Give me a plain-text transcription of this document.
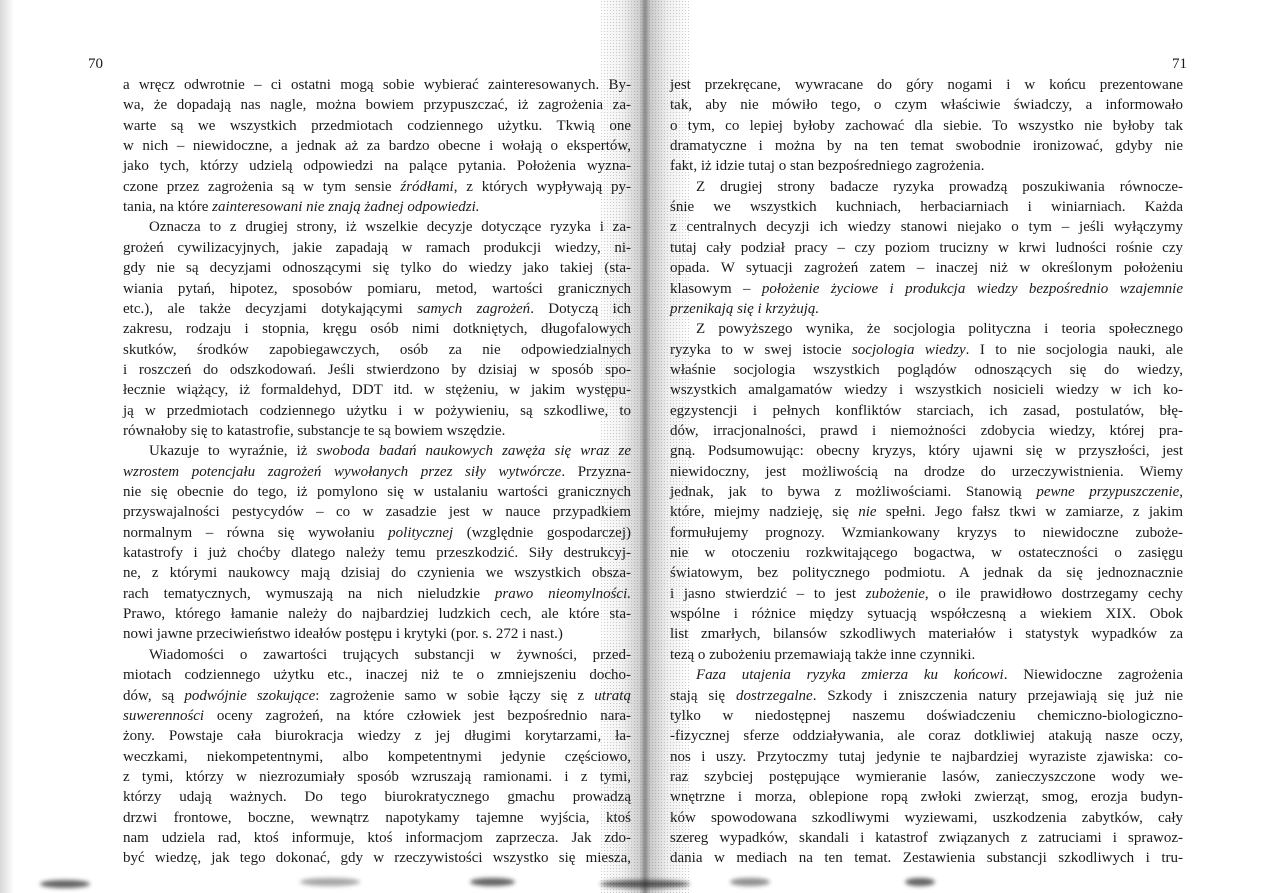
70	71
a wręcz odwrotnie – ci ostatni mogą sobie wybierać zainteresowanych. By-
wa, że dopadają nas nagle, można bowiem przypuszczać, iż zagrożenia za-
warte są we wszystkich przedmiotach codziennego użytku. Tkwią one
w nich – niewidoczne, a jednak aż za bardzo obecne i wołają o ekspertów,
jako tych, którzy udzielą odpowiedzi na palące pytania. Położenia wyzna-
czone przez zagrożenia są w tym sensie źródłami, z których wypływają py-
tania, na które zainteresowani nie znają żadnej odpowiedzi.
Oznacza to z drugiej strony, iż wszelkie decyzje dotyczące ryzyka i za-
grożeń cywilizacyjnych, jakie zapadają w ramach produkcji wiedzy, ni-
gdy nie są decyzjami odnoszącymi się tylko do wiedzy jako takiej (sta-
wiania pytań, hipotez, sposobów pomiaru, metod, wartości granicznych
etc.), ale także decyzjami dotykającymi samych zagrożeń. Dotyczą ich
zakresu, rodzaju i stopnia, kręgu osób nimi dotkniętych, długofalowych
skutków, środków zapobiegawczych, osób za nie odpowiedzialnych
i roszczeń do odszkodowań. Jeśli stwierdzono by dzisiaj w sposób spo-
łecznie wiążący, iż formaldehyd, DDT itd. w stężeniu, w jakim występu-
ją w przedmiotach codziennego użytku i w pożywieniu, są szkodliwe, to
równałoby się to katastrofie, substancje te są bowiem wszędzie.
Ukazuje to wyraźnie, iż swoboda badań naukowych zawęża się wraz ze
wzrostem potencjału zagrożeń wywołanych przez siły wytwórcze. Przyzna-
nie się obecnie do tego, iż pomylono się w ustalaniu wartości granicznych
przyswajalności pestycydów – co w zasadzie jest w nauce przypadkiem
normalnym – równa się wywołaniu politycznej (względnie gospodarczej)
katastrofy i już choćby dlatego należy temu przeszkodzić. Siły destrukcyj-
ne, z którymi naukowcy mają dzisiaj do czynienia we wszystkich obsza-
rach tematycznych, wymuszają na nich nieludzkie prawo nieomylności.
Prawo, którego łamanie należy do najbardziej ludzkich cech, ale które sta-
nowi jawne przeciwieństwo ideałów postępu i krytyki (por. s. 272 i nast.)
Wiadomości o zawartości trujących substancji w żywności, przed-
miotach codziennego użytku etc., inaczej niż te o zmniejszeniu docho-
dów, są podwójnie szokujące: zagrożenie samo w sobie łączy się z utratą
suwerenności oceny zagrożeń, na które człowiek jest bezpośrednio nara-
żony. Powstaje cała biurokracja wiedzy z jej długimi korytarzami, ła-
weczkami, niekompetentnymi, albo kompetentnymi jedynie częściowo,
z tymi, którzy w niezrozumiały sposób wzruszają ramionami. i z tymi,
którzy udają ważnych. Do tego biurokratycznego gmachu prowadzą
drzwi frontowe, boczne, wewnątrz napotykamy tajemne wyjścia, ktoś
nam udziela rad, ktoś informuje, ktoś informacjom zaprzecza. Jak zdo-
być wiedzę, jak tego dokonać, gdy w rzeczywistości wszystko się miesza,
jest przekręcane, wywracane do góry nogami i w końcu prezentowane
tak, aby nie mówiło tego, o czym właściwie świadczy, a informowało
o tym, co lepiej byłoby zachować dla siebie. To wszystko nie byłoby tak
dramatyczne i można by na ten temat swobodnie ironizować, gdyby nie
fakt, iż idzie tutaj o stan bezpośredniego zagrożenia.
Z drugiej strony badacze ryzyka prowadzą poszukiwania równocze-
śnie we wszystkich kuchniach, herbaciarniach i winiarniach. Każda
z centralnych decyzji ich wiedzy stanowi niejako o tym – jeśli wyłączymy
tutaj cały podział pracy – czy poziom trucizny w krwi ludności rośnie czy
opada. W sytuacji zagrożeń zatem – inaczej niż w określonym położeniu
klasowym – położenie życiowe i produkcja wiedzy bezpośrednio wzajemnie
przenikają się i krzyżują.
Z powyższego wynika, że socjologia polityczna i teoria społecznego
ryzyka to w swej istocie socjologia wiedzy. I to nie socjologia nauki, ale
właśnie socjologia wszystkich poglądów odnoszących się do wiedzy,
wszystkich amalgamatów wiedzy i wszystkich nosicieli wiedzy w ich ko-
egzystencji i pełnych konfliktów starciach, ich zasad, postulatów, błę-
dów, irracjonalności, prawd i niemożności zdobycia wiedzy, której pra-
gną. Podsumowując: obecny kryzys, który ujawni się w przyszłości, jest
niewidoczny, jest możliwością na drodze do urzeczywistnienia. Wiemy
jednak, jak to bywa z możliwościami. Stanowią pewne przypuszczenie,
które, miejmy nadzieję, się nie spełni. Jego fałsz tkwi w zamiarze, z jakim
formułujemy prognozy. Wzmiankowany kryzys to niewidoczne zuboże-
nie w otoczeniu rozkwitającego bogactwa, w ostateczności o zasięgu
światowym, bez politycznego podmiotu. A jednak da się jednoznacznie
i jasno stwierdzić – to jest zubożenie, o ile prawidłowo dostrzegamy cechy
wspólne i różnice między sytuacją współczesną a wiekiem XIX. Obok
list zmarłych, bilansów szkodliwych materiałów i statystyk wypadków za
tezą o zubożeniu przemawiają także inne czynniki.
Faza utajenia ryzyka zmierza ku końcowi. Niewidoczne zagrożenia
stają się dostrzegalne. Szkody i zniszczenia natury przejawiają się już nie
tylko w niedostępnej naszemu doświadczeniu chemiczno-biologiczno-
-fizycznej sferze oddziaływania, ale coraz dotkliwiej atakują nasze oczy,
nos i uszy. Przytoczmy tutaj jedynie te najbardziej wyraziste zjawiska: co-
raz szybciej postępujące wymieranie lasów, zanieczyszczone wody we-
wnętrzne i morza, oblepione ropą zwłoki zwierząt, smog, erozja budyn-
ków spowodowana szkodliwymi wyziewami, uszkodzenia zabytków, cały
szereg wypadków, skandali i katastrof związanych z zatruciami i sprawoz-
dania w mediach na ten temat. Zestawienia substancji szkodliwych i tru-
